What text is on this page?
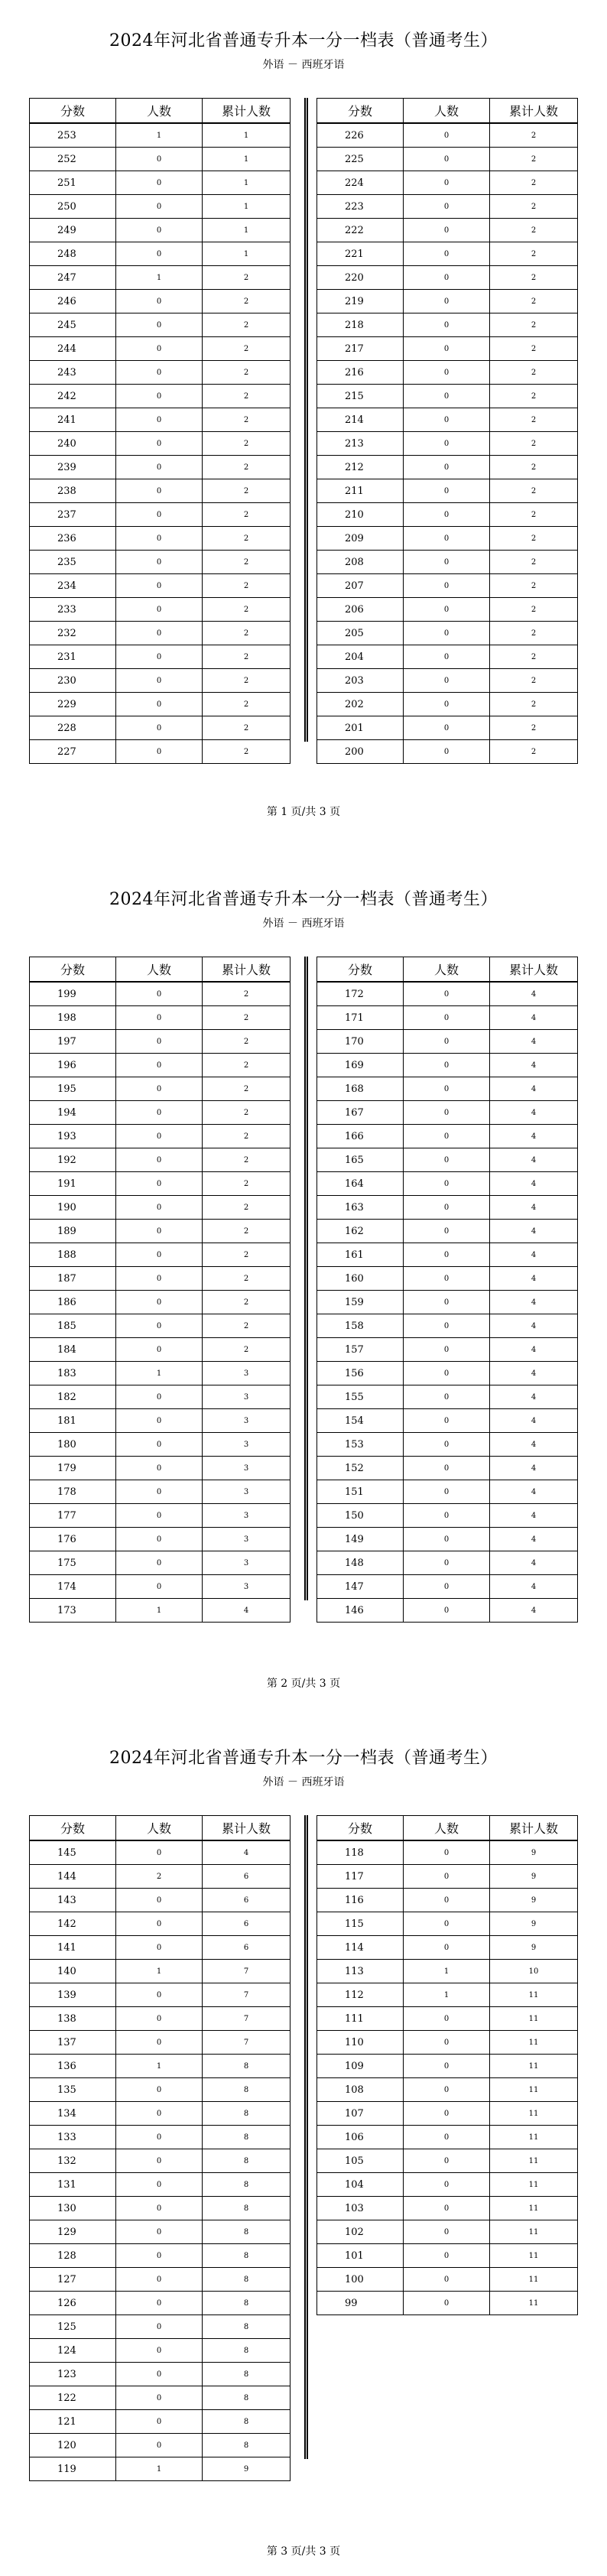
2024年河北省普通专升本一分一档表（普通考生）
外语 － 西班牙语
分数	人数	累计人数
253	1	1
252	0	1
251	0	1
250	0	1
249	0	1
248	0	1
247	1	2
246	0	2
245	0	2
244	0	2
243	0	2
242	0	2
241	0	2
240	0	2
239	0	2
238	0	2
237	0	2
236	0	2
235	0	2
234	0	2
233	0	2
232	0	2
231	0	2
230	0	2
229	0	2
228	0	2
227	0	2
分数	人数	累计人数
226	0	2
225	0	2
224	0	2
223	0	2
222	0	2
221	0	2
220	0	2
219	0	2
218	0	2
217	0	2
216	0	2
215	0	2
214	0	2
213	0	2
212	0	2
211	0	2
210	0	2
209	0	2
208	0	2
207	0	2
206	0	2
205	0	2
204	0	2
203	0	2
202	0	2
201	0	2
200	0	2
第 1 页/共 3 页
2024年河北省普通专升本一分一档表（普通考生）
外语 － 西班牙语
分数	人数	累计人数
199	0	2
198	0	2
197	0	2
196	0	2
195	0	2
194	0	2
193	0	2
192	0	2
191	0	2
190	0	2
189	0	2
188	0	2
187	0	2
186	0	2
185	0	2
184	0	2
183	1	3
182	0	3
181	0	3
180	0	3
179	0	3
178	0	3
177	0	3
176	0	3
175	0	3
174	0	3
173	1	4
分数	人数	累计人数
172	0	4
171	0	4
170	0	4
169	0	4
168	0	4
167	0	4
166	0	4
165	0	4
164	0	4
163	0	4
162	0	4
161	0	4
160	0	4
159	0	4
158	0	4
157	0	4
156	0	4
155	0	4
154	0	4
153	0	4
152	0	4
151	0	4
150	0	4
149	0	4
148	0	4
147	0	4
146	0	4
第 2 页/共 3 页
2024年河北省普通专升本一分一档表（普通考生）
外语 － 西班牙语
分数	人数	累计人数
145	0	4
144	2	6
143	0	6
142	0	6
141	0	6
140	1	7
139	0	7
138	0	7
137	0	7
136	1	8
135	0	8
134	0	8
133	0	8
132	0	8
131	0	8
130	0	8
129	0	8
128	0	8
127	0	8
126	0	8
125	0	8
124	0	8
123	0	8
122	0	8
121	0	8
120	0	8
119	1	9
分数	人数	累计人数
118	0	9
117	0	9
116	0	9
115	0	9
114	0	9
113	1	10
112	1	11
111	0	11
110	0	11
109	0	11
108	0	11
107	0	11
106	0	11
105	0	11
104	0	11
103	0	11
102	0	11
101	0	11
100	0	11
99	0	11
第 3 页/共 3 页
